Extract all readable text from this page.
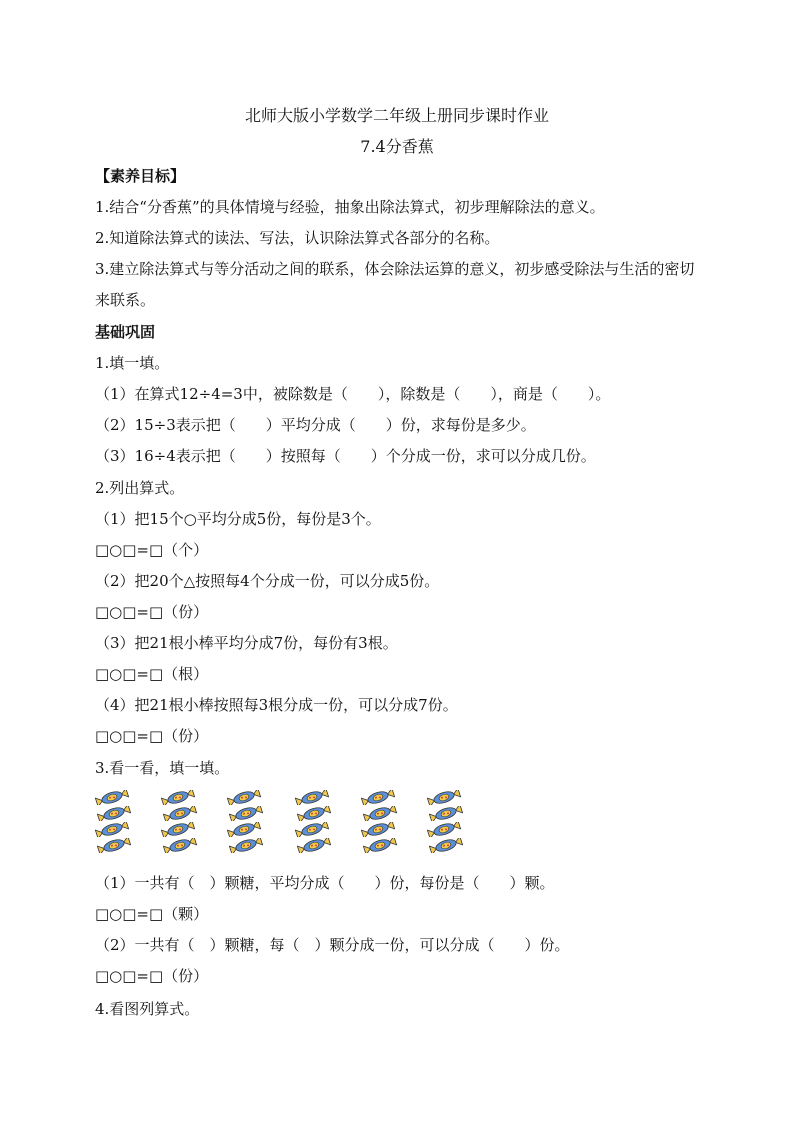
北师大版小学数学二年级上册同步课时作业
7.4分香蕉
【素养目标】
1.结合“分香蕉”的具体情境与经验，抽象出除法算式，初步理解除法的意义。
2.知道除法算式的读法、写法，认识除法算式各部分的名称。
3.建立除法算式与等分活动之间的联系，体会除法运算的意义，初步感受除法与生活的密切来联系。
基础巩固
1.填一填。
（1）在算式12÷4=3中，被除数是（　　），除数是（　　），商是（　　）。
（2）15÷3表示把（　　）平均分成（　　）份，求每份是多少。
（3）16÷4表示把（　　）按照每（　　）个分成一份，求可以分成几份。
2.列出算式。
（1）把15个○平均分成5份，每份是3个。
□○□=□（个）
（2）把20个△按照每4个分成一份，可以分成5份。
□○□=□（份）
（3）把21根小棒平均分成7份，每份有3根。
□○□=□（根）
（4）把21根小棒按照每3根分成一份，可以分成7份。
□○□=□（份）
3.看一看，填一填。
（1）一共有（　）颗糖，平均分成（　　）份，每份是（　　）颗。
□○□=□（颗）
（2）一共有（　）颗糖，每（　）颗分成一份，可以分成（　　）份。
□○□=□（份）
4.看图列算式。
